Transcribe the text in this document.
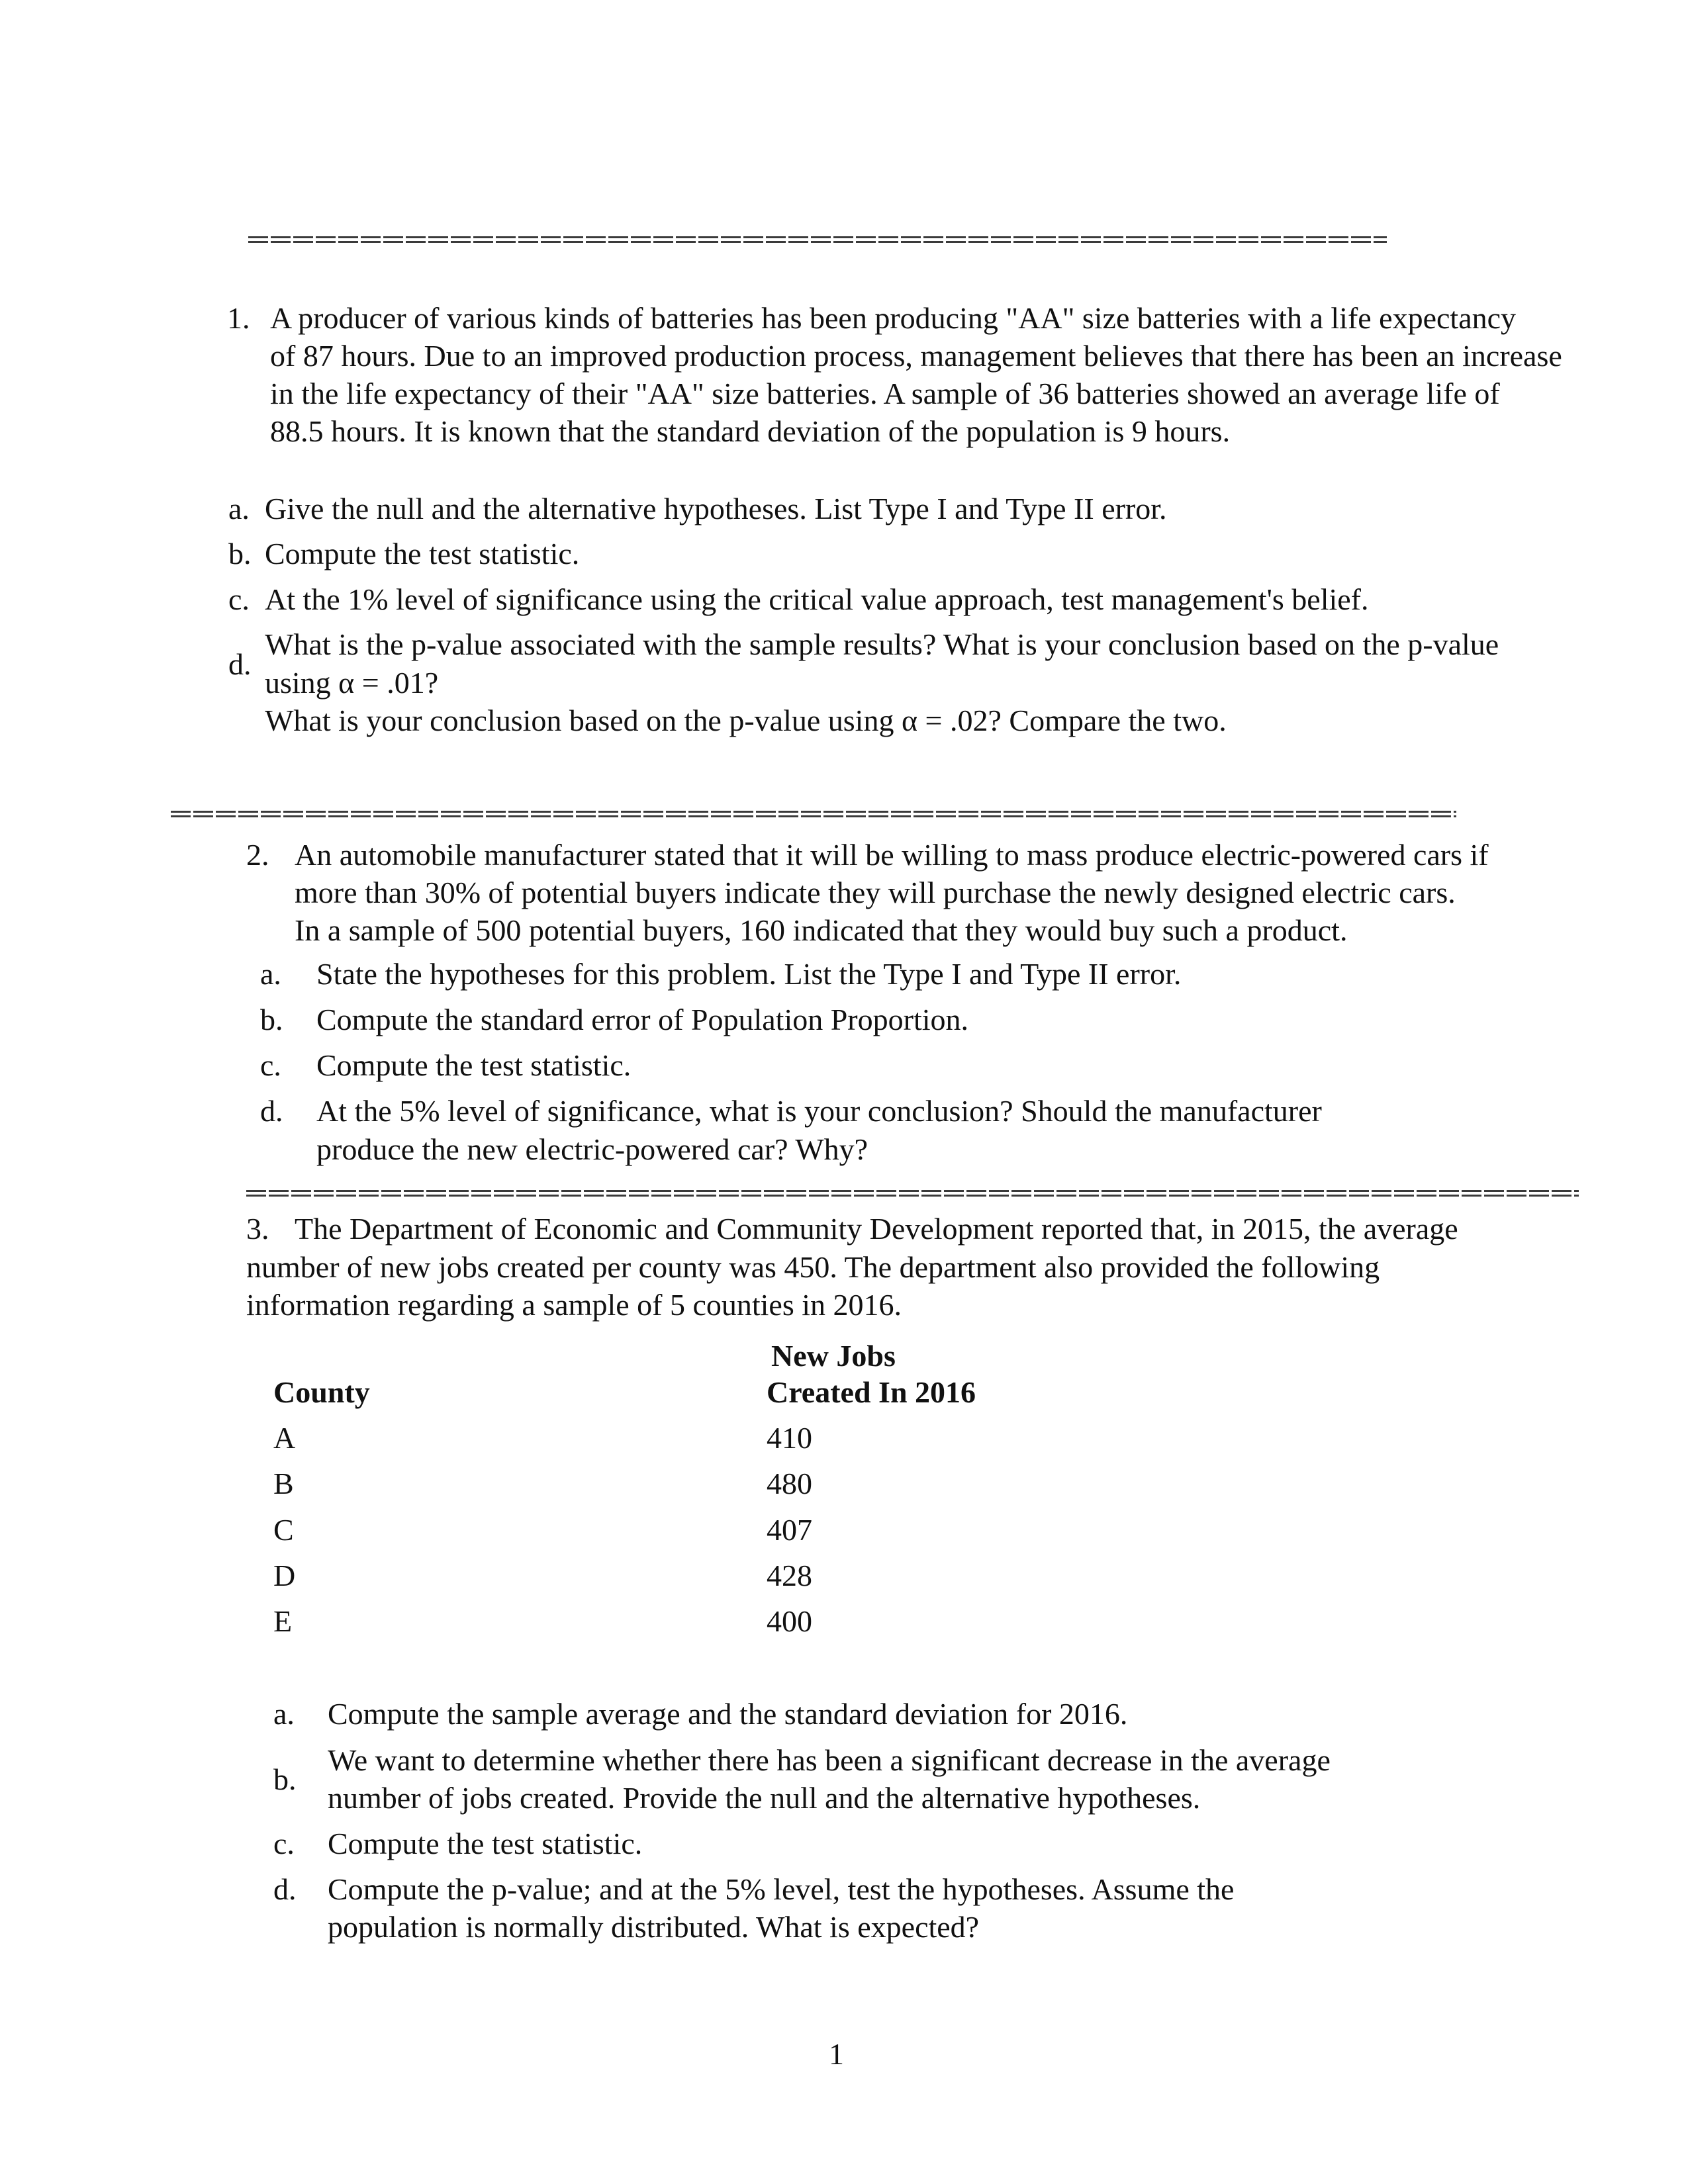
1. A producer of various kinds of batteries has been producing "AA" size batteries with a life expectancy
of 87 hours. Due to an improved production process, management believes that there has been an increase
in the life expectancy of their "AA" size batteries. A sample of 36 batteries showed an average life of
88.5 hours. It is known that the standard deviation of the population is 9 hours.
a. Give the null and the alternative hypotheses. List Type I and Type II error.
b. Compute the test statistic.
c. At the 1% level of significance using the critical value approach, test management's belief.
d.
What is the p-value associated with the sample results? What is your conclusion based on the p-value
using α = .01?
What is your conclusion based on the p-value using α = .02? Compare the two.
2. An automobile manufacturer stated that it will be willing to mass produce electric-powered cars if
more than 30% of potential buyers indicate they will purchase the newly designed electric cars.
In a sample of 500 potential buyers, 160 indicated that they would buy such a product.
a. State the hypotheses for this problem. List the Type I and Type II error.
b. Compute the standard error of Population Proportion.
c. Compute the test statistic.
d. At the 5% level of significance, what is your conclusion? Should the manufacturer
produce the new electric-powered car? Why?
3. The Department of Economic and Community Development reported that, in 2015, the average
number of new jobs created per county was 450. The department also provided the following
information regarding a sample of 5 counties in 2016.
New Jobs
County	Created In 2016
A	410
B	480
C	407
D	428
E	400
a. Compute the sample average and the standard deviation for 2016.
b.
We want to determine whether there has been a significant decrease in the average
number of jobs created. Provide the null and the alternative hypotheses.
c. Compute the test statistic.
d. Compute the p-value; and at the 5% level, test the hypotheses. Assume the
population is normally distributed. What is expected?
1
